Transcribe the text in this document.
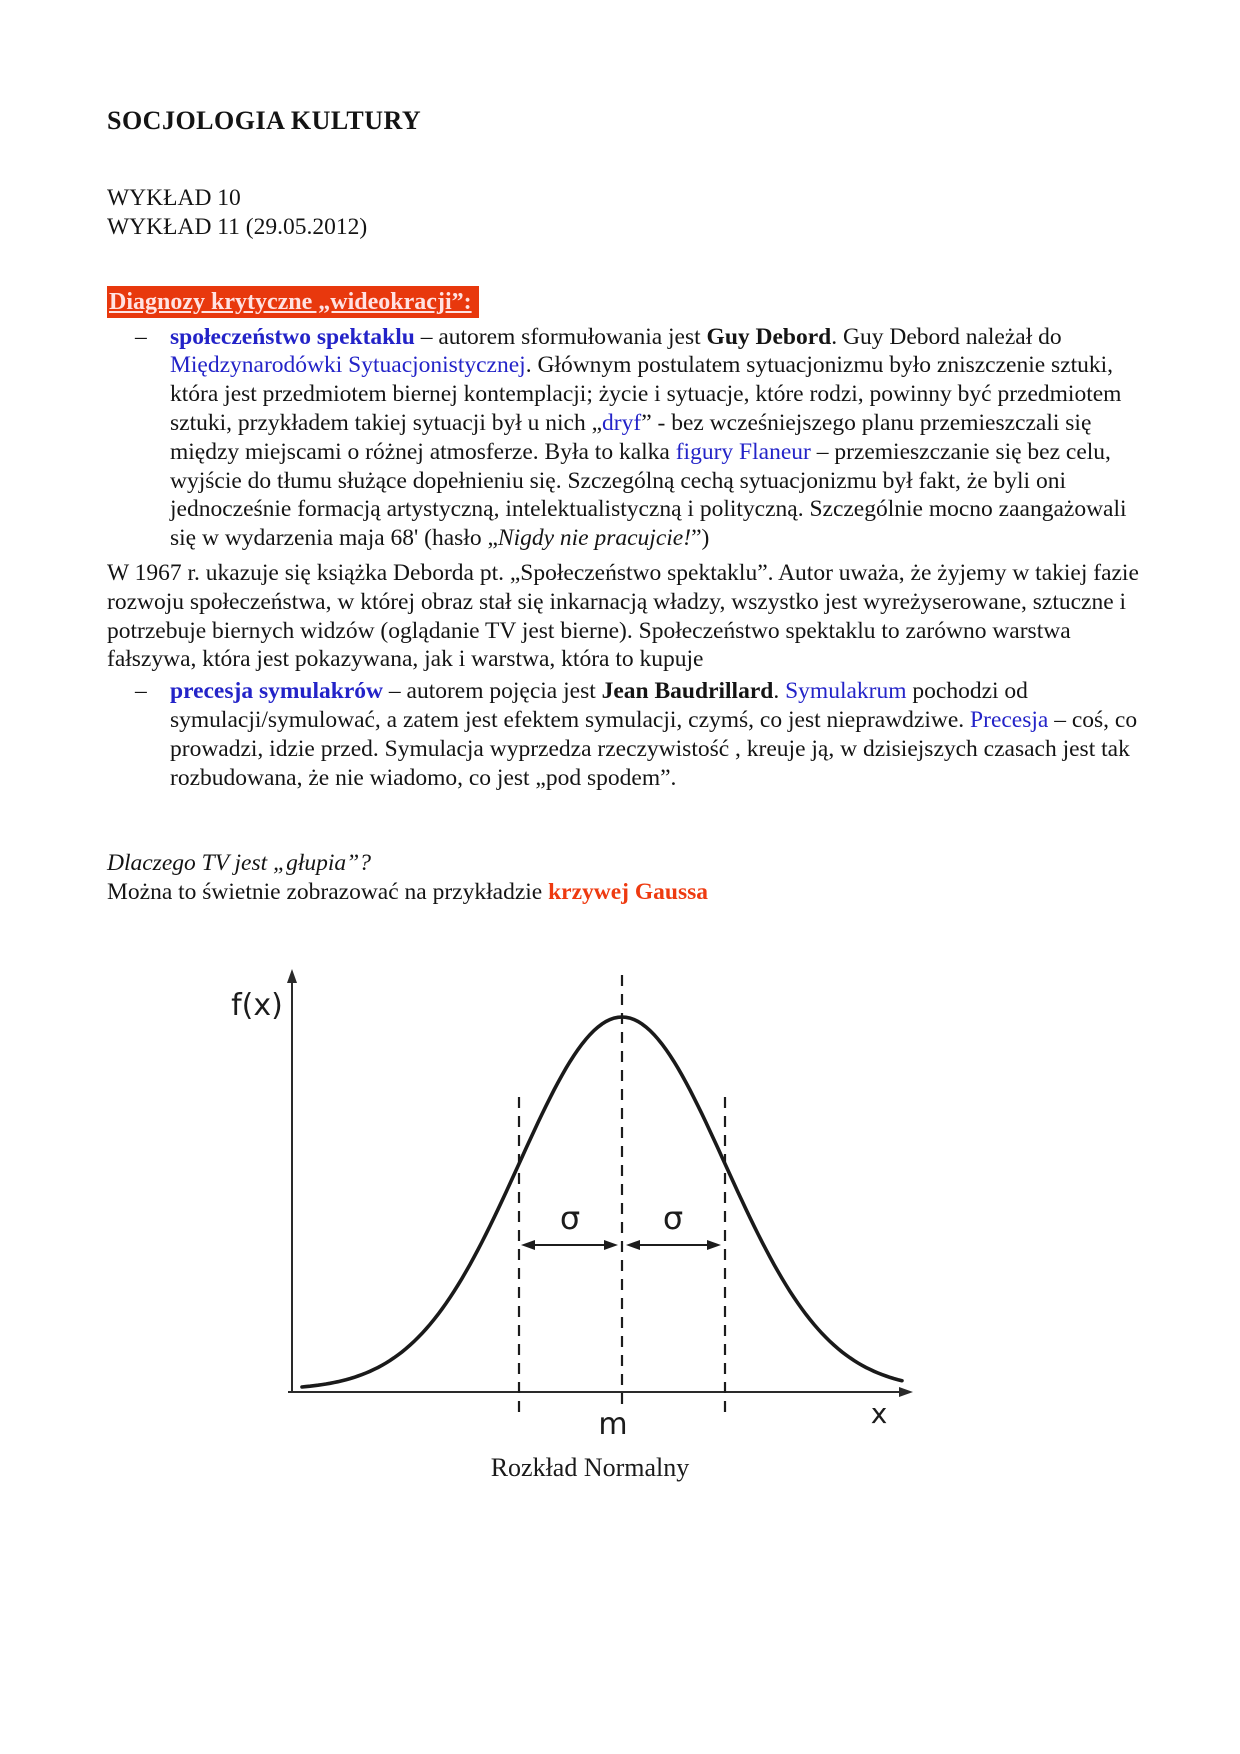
SOCJOLOGIA KULTURY
WYKŁAD 10
WYKŁAD 11 (29.05.2012)
Diagnozy krytyczne „wideokracji”:
– społeczeństwo spektaklu – autorem sformułowania jest Guy Debord. Guy Debord należał do Międzynarodówki Sytuacjonistycznej. Głównym postulatem sytuacjonizmu było zniszczenie sztuki, która jest przedmiotem biernej kontemplacji; życie i sytuacje, które rodzi, powinny być przedmiotem sztuki, przykładem takiej sytuacji był u nich „dryf” - bez wcześniejszego planu przemieszczali się między miejscami o różnej atmosferze. Była to kalka figury Flaneur – przemieszczanie się bez celu, wyjście do tłumu służące dopełnieniu się. Szczególną cechą sytuacjonizmu był fakt, że byli oni jednocześnie formacją artystyczną, intelektualistyczną i polityczną. Szczególnie mocno zaangażowali się w wydarzenia maja 68' (hasło „Nigdy nie pracujcie!”)

W 1967 r. ukazuje się książka Deborda pt. „Społeczeństwo spektaklu”. Autor uważa, że żyjemy w takiej fazie rozwoju społeczeństwa, w której obraz stał się inkarnacją władzy, wszystko jest wyreżyserowane, sztuczne i potrzebuje biernych widzów (oglądanie TV jest bierne). Społeczeństwo spektaklu to zarówno warstwa fałszywa, która jest pokazywana, jak i warstwa, która to kupuje

– precesja symulakrów – autorem pojęcia jest Jean Baudrillard. Symulakrum pochodzi od symulacji/symulować, a zatem jest efektem symulacji, czymś, co jest nieprawdziwe. Precesja – coś, co prowadzi, idzie przed. Symulacja wyprzedza rzeczywistość , kreuje ją, w dzisiejszych czasach jest tak rozbudowana, że nie wiadomo, co jest „pod spodem”.
Dlaczego TV jest „głupia”?
Można to świetnie zobrazować na przykładzie krzywej Gaussa
f(x)
σ	σ
m	x
Rozkład Normalny
